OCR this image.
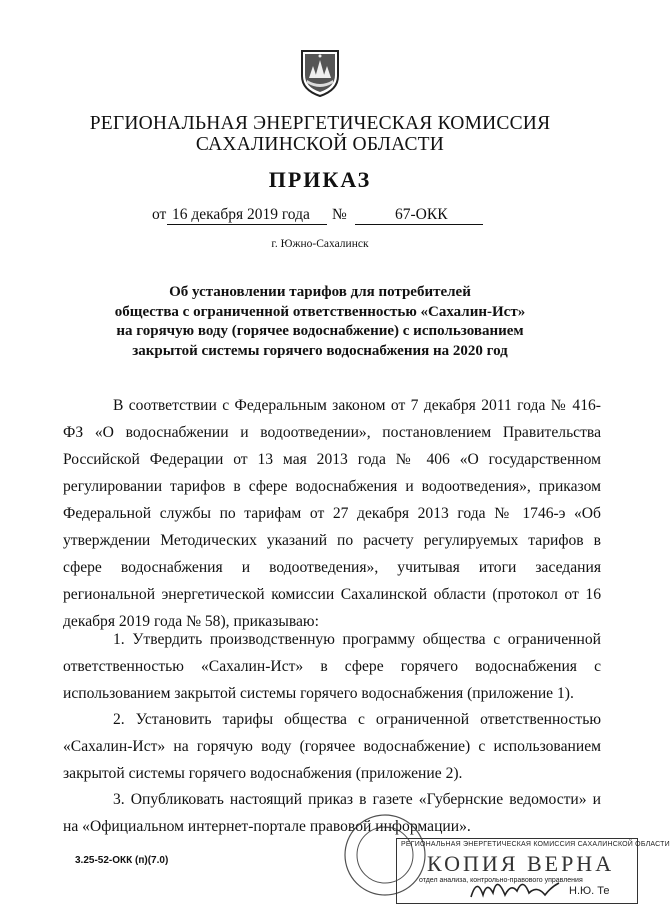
РЕГИОНАЛЬНАЯ ЭНЕРГЕТИЧЕСКАЯ КОМИССИЯ
САХАЛИНСКОЙ ОБЛАСТИ
ПРИКАЗ
от 16 декабря 2019 года	№	67-ОКК
г. Южно-Сахалинск
Об установлении тарифов для потребителей
общества с ограниченной ответственностью «Сахалин-Ист»
на горячую воду (горячее водоснабжение) с использованием
закрытой системы горячего водоснабжения на 2020 год

В соответствии с Федеральным законом от 7 декабря 2011 года № 416-ФЗ «О водоснабжении и водоотведении», постановлением Правительства Российской Федерации от 13 мая 2013 года № 406 «О государственном регулировании тарифов в сфере водоснабжения и водоотведения», приказом Федеральной службы по тарифам от 27 декабря 2013 года № 1746-э «Об утверждении Методических указаний по расчету регулируемых тарифов в сфере водоснабжения и водоотведения», учитывая итоги заседания региональной энергетической комиссии Сахалинской области (протокол от 16 декабря 2019 года № 58), приказываю:

1. Утвердить производственную программу общества с ограниченной ответственностью «Сахалин-Ист» в сфере горячего водоснабжения с использованием закрытой системы горячего водоснабжения (приложение 1).

2. Установить тарифы общества с ограниченной ответственностью «Сахалин-Ист» на горячую воду (горячее водоснабжение) с использованием закрытой системы горячего водоснабжения (приложение 2).

3. Опубликовать настоящий приказ в газете «Губернские ведомости» и на «Официальном интернет-портале правовой информации».

3.25-52-ОКК (п)(7.0)
РЕГИОНАЛЬНАЯ ЭНЕРГЕТИЧЕСКАЯ КОМИССИЯ САХАЛИНСКОЙ ОБЛАСТИ
КОПИЯ ВЕРНА
отдел анализа, контрольно-правового управления
Н.Ю. Те
